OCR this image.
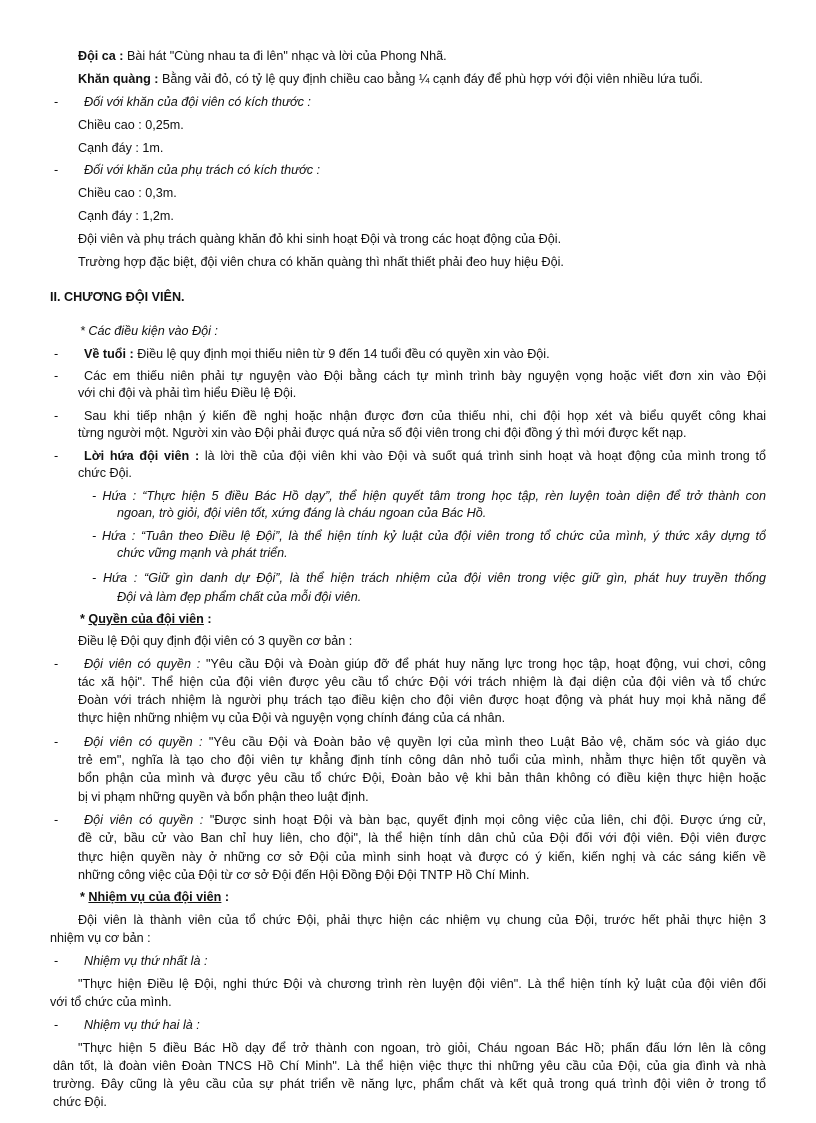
Đội ca : Bài hát "Cùng nhau ta đi lên" nhạc và lời của Phong Nhã.
Khăn quàng : Bằng vải đỏ, có tỷ lệ quy định chiều cao bằng ¼ cạnh đáy để phù hợp với đội viên nhiều lứa tuổi.
- Đối với khăn của đội viên có kích thước :
Chiều cao : 0,25m.
Cạnh đáy : 1m.
- Đối với khăn của phụ trách có kích thước :
Chiều cao : 0,3m.
Cạnh đáy : 1,2m.
Đội viên và phụ trách quàng khăn đỏ khi sinh hoạt Đội và trong các hoạt động của Đội.
Trường hợp đặc biệt, đội viên chưa có khăn quàng thì nhất thiết phải đeo huy hiệu Đội.
II. CHƯƠNG ĐỘI VIÊN.
* Các điều kiện vào Đội :
- Về tuổi : Điều lệ quy định mọi thiếu niên từ 9 đến 14 tuổi đều có quyền xin vào Đội.
- Các em thiếu niên phải tự nguyện vào Đội bằng cách tự mình trình bày nguyện vọng hoặc viết đơn xin vào Đội
với chi đội và phải tìm hiểu Điều lệ Đội.
- Sau khi tiếp nhận ý kiến đề nghị hoặc nhận được đơn của thiếu nhi, chi đội họp xét và biểu quyết công khai
từng người một. Người xin vào Đội phải được quá nửa số đội viên trong chi đội đồng ý thì mới được kết nạp.
- Lời hứa đội viên : là lời thề của đội viên khi vào Đội và suốt quá trình sinh hoạt và hoạt động của mình trong tổ
chức Đội.
- Hứa : “Thực hiện 5 điều Bác Hồ dạy”, thể hiện quyết tâm trong học tập, rèn luyện toàn diện để trở thành con
ngoan, trò giỏi, đội viên tốt, xứng đáng là cháu ngoan của Bác Hồ.
- Hứa : “Tuân theo Điều lệ Đội”, là thể hiện tính kỷ luật của đội viên trong tổ chức của mình, ý thức xây dựng tổ
chức vững mạnh và phát triển.
- Hứa : “Giữ gìn danh dự Đội”, là thể hiện trách nhiệm của đội viên trong việc giữ gìn, phát huy truyền thống
Đội và làm đẹp phẩm chất của mỗi đội viên.
* Quyền của đội viên :
Điều lệ Đội quy định đội viên có 3 quyền cơ bản :
- Đội viên có quyền : "Yêu cầu Đội và Đoàn giúp đỡ để phát huy năng lực trong học tập, hoạt động, vui chơi, công
tác xã hội". Thể hiện của đội viên được yêu cầu tổ chức Đội với trách nhiệm là đại diện của đội viên và tổ chức
Đoàn với trách nhiệm là người phụ trách tạo điều kiện cho đội viên được hoạt động và phát huy mọi khả năng để
thực hiện những nhiệm vụ của Đội và nguyện vọng chính đáng của cá nhân.
- Đội viên có quyền : "Yêu cầu Đội và Đoàn bảo vệ quyền lợi của mình theo Luật Bảo vệ, chăm sóc và giáo dục
trẻ em", nghĩa là tạo cho đội viên tự khẳng định tính công dân nhỏ tuổi của mình, nhằm thực hiện tốt quyền và
bổn phận của mình và được yêu cầu tổ chức Đội, Đoàn bảo vệ khi bản thân không có điều kiện thực hiện hoặc
bị vi phạm những quyền và bổn phận theo luật định.
- Đội viên có quyền : "Được sinh hoạt Đội và bàn bạc, quyết định mọi công việc của liên, chi đội. Được ứng cử,
đề cử, bầu cử vào Ban chỉ huy liên, cho đội", là thể hiện tính dân chủ của Đội đối với đội viên. Đội viên được
thực hiện quyền này ở những cơ sở Đội của mình sinh hoạt và được có ý kiến, kiến nghị và các sáng kiến về
những công việc của Đội từ cơ sở Đội đến Hội Đồng Đội Đội TNTP Hồ Chí Minh.
* Nhiệm vụ của đội viên :
Đội viên là thành viên của tổ chức Đội, phải thực hiện các nhiệm vụ chung của Đội, trước hết phải thực hiện 3
nhiệm vụ cơ bản :
- Nhiệm vụ thứ nhất là :
"Thực hiện Điều lệ Đội, nghi thức Đội và chương trình rèn luyện đội viên". Là thể hiện tính kỷ luật của đội viên đối
với tổ chức của mình.
- Nhiệm vụ thứ hai là :
"Thực hiện 5 điều Bác Hồ dạy để trở thành con ngoan, trò giỏi, Cháu ngoan Bác Hồ; phấn đấu lớn lên là công
dân tốt, là đoàn viên Đoàn TNCS Hồ Chí Minh". Là thể hiện việc thực thi những yêu cầu của Đội, của gia đình và nhà
trường. Đây cũng là yêu cầu của sự phát triển về năng lực, phẩm chất và kết quả trong quá trình đội viên ở trong tổ
chức Đội.
